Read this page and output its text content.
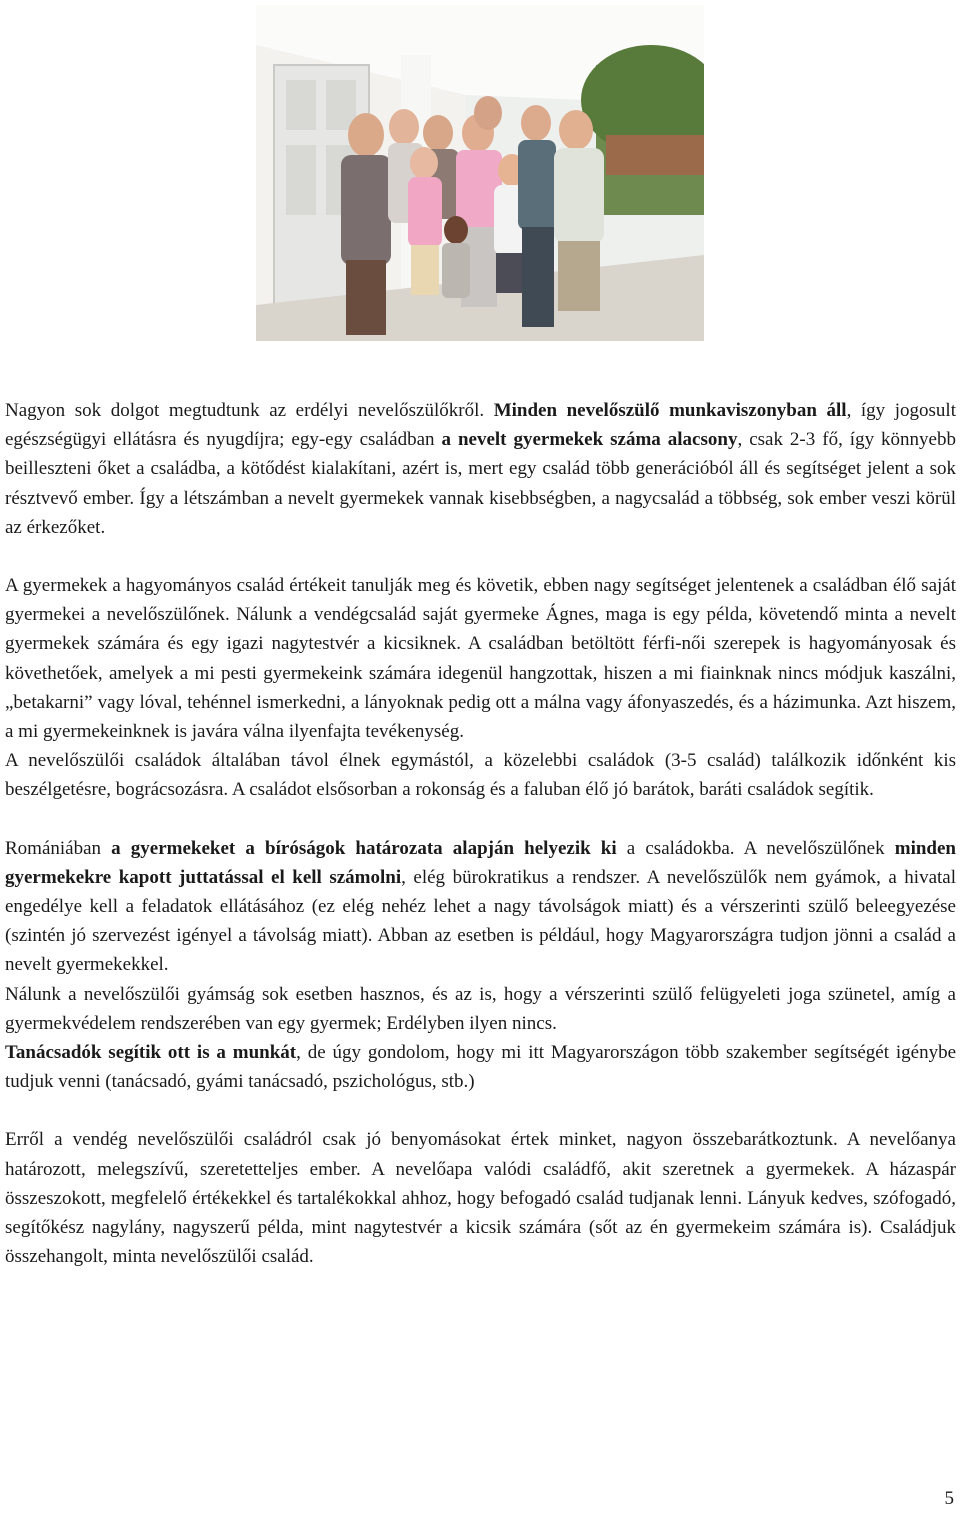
Nagyon sok dolgot megtudtunk az erdélyi nevelőszülőkről. Minden nevelőszülő munkaviszonyban áll, így jogosult egészségügyi ellátásra és nyugdíjra; egy-egy családban a nevelt gyermekek száma alacsony, csak 2-3 fő, így könnyebb beilleszteni őket a családba, a kötődést kialakítani, azért is, mert egy család több generációból áll és segítséget jelent a sok résztvevő ember. Így a létszámban a nevelt gyermekek vannak kisebbségben, a nagycsalád a többség, sok ember veszi körül az érkezőket.

A gyermekek a hagyományos család értékeit tanulják meg és követik, ebben nagy segítséget jelentenek a családban élő saját gyermekei a nevelőszülőnek. Nálunk a vendégcsalád saját gyermeke Ágnes, maga is egy példa, követendő minta a nevelt gyermekek számára és egy igazi nagytestvér a kicsiknek. A családban betöltött férfi-női szerepek is hagyományosak és követhetőek, amelyek a mi pesti gyermekeink számára idegenül hangzottak, hiszen a mi fiainknak nincs módjuk kaszálni, „betakarni” vagy lóval, tehénnel ismerkedni, a lányoknak pedig ott a málna vagy áfonyaszedés, és a házimunka. Azt hiszem, a mi gyermekeinknek is javára válna ilyenfajta tevékenység.

A nevelőszülői családok általában távol élnek egymástól, a közelebbi családok (3-5 család) találkozik időnként kis beszélgetésre, bográcsozásra. A családot elsősorban a rokonság és a faluban élő jó barátok, baráti családok segítik.

Romániában a gyermekeket a bíróságok határozata alapján helyezik ki a családokba. A nevelőszülőnek minden gyermekekre kapott juttatással el kell számolni, elég bürokratikus a rendszer. A nevelőszülők nem gyámok, a hivatal engedélye kell a feladatok ellátásához (ez elég nehéz lehet a nagy távolságok miatt) és a vérszerinti szülő beleegyezése (szintén jó szervezést igényel a távolság miatt). Abban az esetben is például, hogy Magyarországra tudjon jönni a család a nevelt gyermekekkel.

Nálunk a nevelőszülői gyámság sok esetben hasznos, és az is, hogy a vérszerinti szülő felügyeleti joga szünetel, amíg a gyermekvédelem rendszerében van egy gyermek; Erdélyben ilyen nincs.

Tanácsadók segítik ott is a munkát, de úgy gondolom, hogy mi itt Magyarországon több szakember segítségét igénybe tudjuk venni (tanácsadó, gyámi tanácsadó, pszichológus, stb.)

Erről a vendég nevelőszülői családról csak jó benyomásokat értek minket, nagyon összebarátkoztunk. A nevelőanya határozott, melegszívű, szeretetteljes ember. A nevelőapa valódi családfő, akit szeretnek a gyermekek. A házaspár összeszokott, megfelelő értékekkel és tartalékokkal ahhoz, hogy befogadó család tudjanak lenni. Lányuk kedves, szófogadó, segítőkész nagylány, nagyszerű példa, mint nagytestvér a kicsik számára (sőt az én gyermekeim számára is). Családjuk összehangolt, minta nevelőszülői család.

5
